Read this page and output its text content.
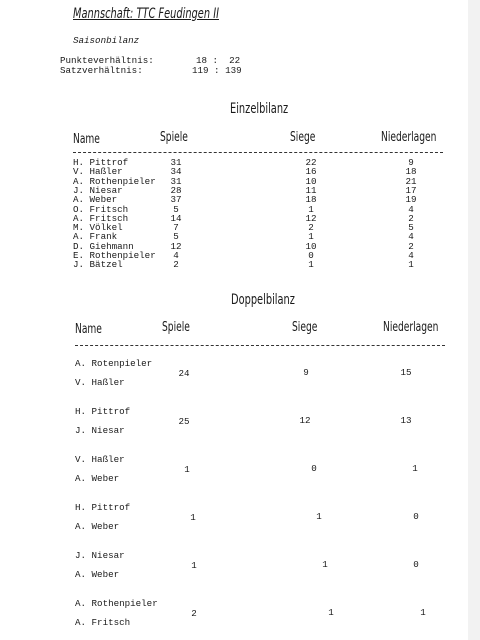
Mannschaft: TTC Feudingen II
Saisonbilanz
Punkteverhältnis:	18 :  22
Satzverhältnis:	119 : 139
Einzelbilanz
Name	Spiele	Siege	Niederlagen
H. Pittrof	31	22	9
V. Haßler	34	16	18
A. Rothenpieler	31	10	21
J. Niesar	28	11	17
A. Weber	37	18	19
O. Fritsch	5	1	4
A. Fritsch	14	12	2
M. Völkel	7	2	5
A. Frank	5	1	4
D. Giehmann	12	10	2
E. Rothenpieler	4	0	4
J. Bätzel	2	1	1
Doppelbilanz
Name	Spiele	Siege	Niederlagen
A. Rotenpieler
V. Haßler
24	9	15
H. Pittrof
J. Niesar
25	12	13
V. Haßler
A. Weber
1	0	1
H. Pittrof
A. Weber
1	1	0
J. Niesar
A. Weber
1	1	0
A. Rothenpieler
A. Fritsch
2	1	1
